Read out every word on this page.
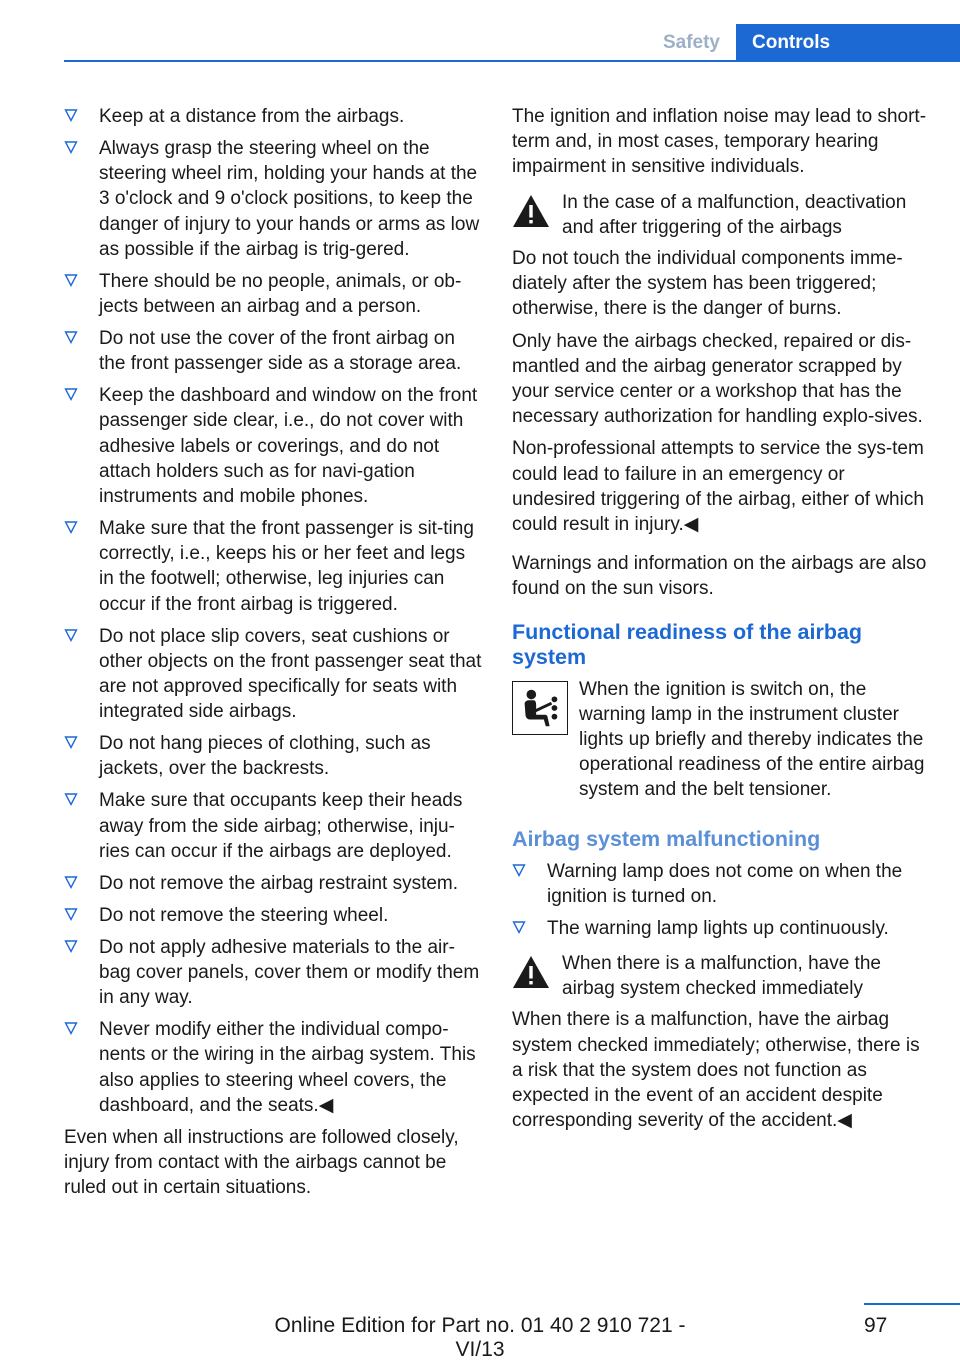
Safety	Controls
Keep at a distance from the airbags.
Always grasp the steering wheel on the steering wheel rim, holding your hands at the 3 o'clock and 9 o'clock positions, to keep the danger of injury to your hands or arms as low as possible if the airbag is trig‐gered.
There should be no people, animals, or ob‐jects between an airbag and a person.
Do not use the cover of the front airbag on the front passenger side as a storage area.
Keep the dashboard and window on the front passenger side clear, i.e., do not cover with adhesive labels or coverings, and do not attach holders such as for navi‐gation instruments and mobile phones.
Make sure that the front passenger is sit‐ting correctly, i.e., keeps his or her feet and legs in the footwell; otherwise, leg injuries can occur if the front airbag is triggered.
Do not place slip covers, seat cushions or other objects on the front passenger seat that are not approved specifically for seats with integrated side airbags.
Do not hang pieces of clothing, such as jackets, over the backrests.
Make sure that occupants keep their heads away from the side airbag; otherwise, inju‐ries can occur if the airbags are deployed.
Do not remove the airbag restraint system.
Do not remove the steering wheel.
Do not apply adhesive materials to the air‐bag cover panels, cover them or modify them in any way.
Never modify either the individual compo‐nents or the wiring in the airbag system. This also applies to steering wheel covers, the dashboard, and the seats.◀

Even when all instructions are followed closely, injury from contact with the airbags cannot be ruled out in certain situations.

The ignition and inflation noise may lead to short-term and, in most cases, temporary hearing impairment in sensitive individuals.

In the case of a malfunction, deactivation and after triggering of the airbags

Do not touch the individual components imme‐diately after the system has been triggered; otherwise, there is the danger of burns.

Only have the airbags checked, repaired or dis‐mantled and the airbag generator scrapped by your service center or a workshop that has the necessary authorization for handling explo‐sives.

Non-professional attempts to service the sys‐tem could lead to failure in an emergency or undesired triggering of the airbag, either of which could result in injury.◀

Warnings and information on the airbags are also found on the sun visors.

Functional readiness of the airbag system
When the ignition is switch on, the warning lamp in the instrument cluster lights up briefly and thereby indicates the operational readiness of the entire airbag system and the belt tensioner.
Airbag system malfunctioning
Warning lamp does not come on when the ignition is turned on.
The warning lamp lights up continuously.
When there is a malfunction, have the airbag system checked immediately

When there is a malfunction, have the airbag system checked immediately; otherwise, there is a risk that the system does not function as expected in the event of an accident despite corresponding severity of the accident.◀

97
Online Edition for Part no. 01 40 2 910 721 - VI/13
